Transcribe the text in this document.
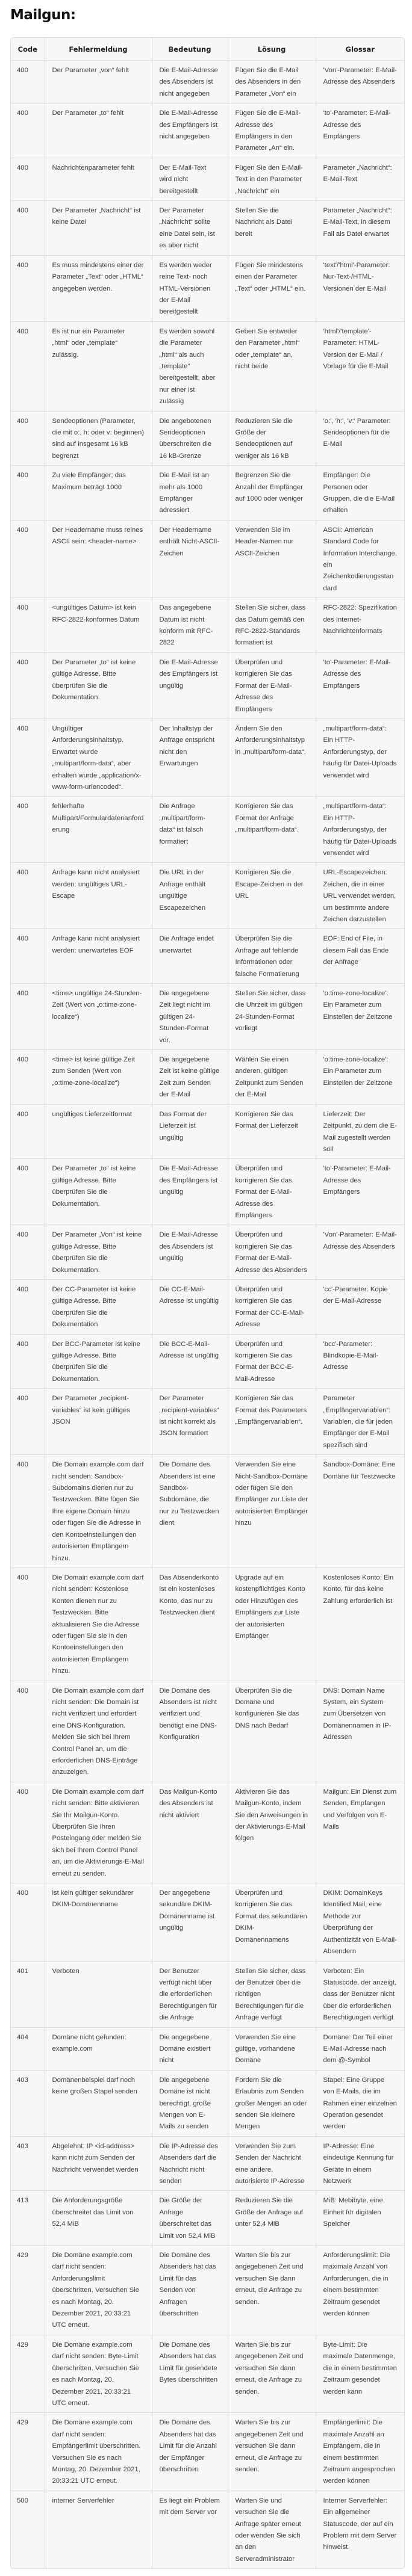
Mailgun:
Code	Fehlermeldung	Bedeutung	Lösung	Glossar
400	Der Parameter „von“ fehlt	Die E-Mail-Adresse des Absenders ist nicht angegeben	Fügen Sie die E-Mail des Absenders in den Parameter „Von“ ein	'Von'-Parameter: E-Mail-Adresse des Absenders
400	Der Parameter „to“ fehlt	Die E-Mail-Adresse des Empfängers ist nicht angegeben	Fügen Sie die E-Mail-Adresse des Empfängers in den Parameter „An“ ein.	'to'-Parameter: E-Mail-Adresse des Empfängers
400	Nachrichtenparameter fehlt	Der E-Mail-Text wird nicht bereitgestellt	Fügen Sie den E-Mail-Text in den Parameter „Nachricht“ ein	Parameter „Nachricht“: E-Mail-Text
400	Der Parameter „Nachricht“ ist keine Datei	Der Parameter „Nachricht“ sollte eine Datei sein, ist es aber nicht	Stellen Sie die Nachricht als Datei bereit	Parameter „Nachricht“: E-Mail-Text, in diesem Fall als Datei erwartet
400	Es muss mindestens einer der Parameter „Text“ oder „HTML“ angegeben werden.	Es werden weder reine Text- noch HTML-Versionen der E-Mail bereitgestellt	Fügen Sie mindestens einen der Parameter „Text“ oder „HTML“ ein.	'text'/'html'-Parameter: Nur-Text-/HTML-Versionen der E-Mail
400	Es ist nur ein Parameter „html“ oder „template“ zulässig.	Es werden sowohl die Parameter „html“ als auch „template“ bereitgestellt, aber nur einer ist zulässig	Geben Sie entweder den Parameter „html“ oder „template“ an, nicht beide	'html'/'template'-Parameter: HTML-Version der E-Mail / Vorlage für die E-Mail
400	Sendeoptionen (Parameter, die mit o:, h: oder v: beginnen) sind auf insgesamt 16 kB begrenzt	Die angebotenen Sendeoptionen überschreiten die 16 kB-Grenze	Reduzieren Sie die Größe der Sendeoptionen auf weniger als 16 kB	'o:', 'h:', 'v:' Parameter: Sendeoptionen für die E-Mail
400	Zu viele Empfänger; das Maximum beträgt 1000	Die E-Mail ist an mehr als 1000 Empfänger adressiert	Begrenzen Sie die Anzahl der Empfänger auf 1000 oder weniger	Empfänger: Die Personen oder Gruppen, die die E-Mail erhalten
400	Der Headername muss reines ASCII sein: <header-name>	Der Headername enthält Nicht-ASCII-Zeichen	Verwenden Sie im Header-Namen nur ASCII-Zeichen	ASCII: American Standard Code for Information Interchange, ein Zeichenkodierungsstandard
400	<ungültiges Datum> ist kein RFC-2822-konformes Datum	Das angegebene Datum ist nicht konform mit RFC-2822	Stellen Sie sicher, dass das Datum gemäß den RFC-2822-Standards formatiert ist	RFC-2822: Spezifikation des Internet-Nachrichtenformats
400	Der Parameter „to“ ist keine gültige Adresse. Bitte überprüfen Sie die Dokumentation.	Die E-Mail-Adresse des Empfängers ist ungültig	Überprüfen und korrigieren Sie das Format der E-Mail-Adresse des Empfängers	'to'-Parameter: E-Mail-Adresse des Empfängers
400	Ungültiger Anforderungsinhaltstyp. Erwartet wurde „multipart/form-data“, aber erhalten wurde „application/x-www-form-urlencoded“.	Der Inhaltstyp der Anfrage entspricht nicht den Erwartungen	Ändern Sie den Anforderungsinhaltstyp in „multipart/form-data“.	„multipart/form-data“: Ein HTTP-Anforderungstyp, der häufig für Datei-Uploads verwendet wird
400	fehlerhafte Multipart/Formulardatenanforderung	Die Anfrage „multipart/form-data“ ist falsch formatiert	Korrigieren Sie das Format der Anfrage „multipart/form-data“.	„multipart/form-data“: Ein HTTP-Anforderungstyp, der häufig für Datei-Uploads verwendet wird
400	Anfrage kann nicht analysiert werden: ungültiges URL-Escape	Die URL in der Anfrage enthält ungültige Escapezeichen	Korrigieren Sie die Escape-Zeichen in der URL	URL-Escapezeichen: Zeichen, die in einer URL verwendet werden, um bestimmte andere Zeichen darzustellen
400	Anfrage kann nicht analysiert werden: unerwartetes EOF	Die Anfrage endet unerwartet	Überprüfen Sie die Anfrage auf fehlende Informationen oder falsche Formatierung	EOF: End of File, in diesem Fall das Ende der Anfrage
400	<time> ungültige 24-Stunden-Zeit (Wert von „o:time-zone-localize“)	Die angegebene Zeit liegt nicht im gültigen 24-Stunden-Format vor.	Stellen Sie sicher, dass die Uhrzeit im gültigen 24-Stunden-Format vorliegt	'o:time-zone-localize': Ein Parameter zum Einstellen der Zeitzone
400	<time> ist keine gültige Zeit zum Senden (Wert von „o:time-zone-localize“)	Die angegebene Zeit ist keine gültige Zeit zum Senden der E-Mail	Wählen Sie einen anderen, gültigen Zeitpunkt zum Senden der E-Mail	'o:time-zone-localize': Ein Parameter zum Einstellen der Zeitzone
400	ungültiges Lieferzeitformat	Das Format der Lieferzeit ist ungültig	Korrigieren Sie das Format der Lieferzeit	Lieferzeit: Der Zeitpunkt, zu dem die E-Mail zugestellt werden soll
400	Der Parameter „to“ ist keine gültige Adresse. Bitte überprüfen Sie die Dokumentation.	Die E-Mail-Adresse des Empfängers ist ungültig	Überprüfen und korrigieren Sie das Format der E-Mail-Adresse des Empfängers	'to'-Parameter: E-Mail-Adresse des Empfängers
400	Der Parameter „Von“ ist keine gültige Adresse. Bitte überprüfen Sie die Dokumentation.	Die E-Mail-Adresse des Absenders ist ungültig	Überprüfen und korrigieren Sie das Format der E-Mail-Adresse des Absenders	'Von'-Parameter: E-Mail-Adresse des Absenders
400	Der CC-Parameter ist keine gültige Adresse. Bitte überprüfen Sie die Dokumentation	Die CC-E-Mail-Adresse ist ungültig	Überprüfen und korrigieren Sie das Format der CC-E-Mail-Adresse	'cc'-Parameter: Kopie der E-Mail-Adresse
400	Der BCC-Parameter ist keine gültige Adresse. Bitte überprüfen Sie die Dokumentation.	Die BCC-E-Mail-Adresse ist ungültig	Überprüfen und korrigieren Sie das Format der BCC-E-Mail-Adresse	'bcc'-Parameter: Blindkopie-E-Mail-Adresse
400	Der Parameter „recipient-variables“ ist kein gültiges JSON	Der Parameter „recipient-variables“ ist nicht korrekt als JSON formatiert	Korrigieren Sie das Format des Parameters „Empfängervariablen“.	Parameter „Empfängervariablen“: Variablen, die für jeden Empfänger der E-Mail spezifisch sind
400	Die Domain example.com darf nicht senden: Sandbox-Subdomains dienen nur zu Testzwecken. Bitte fügen Sie Ihre eigene Domain hinzu oder fügen Sie die Adresse in den Kontoeinstellungen den autorisierten Empfängern hinzu.	Die Domäne des Absenders ist eine Sandbox-Subdomäne, die nur zu Testzwecken dient	Verwenden Sie eine Nicht-Sandbox-Domäne oder fügen Sie den Empfänger zur Liste der autorisierten Empfänger hinzu	Sandbox-Domäne: Eine Domäne für Testzwecke
400	Die Domain example.com darf nicht senden: Kostenlose Konten dienen nur zu Testzwecken. Bitte aktualisieren Sie die Adresse oder fügen Sie sie in den Kontoeinstellungen den autorisierten Empfängern hinzu.	Das Absenderkonto ist ein kostenloses Konto, das nur zu Testzwecken dient	Upgrade auf ein kostenpflichtiges Konto oder Hinzufügen des Empfängers zur Liste der autorisierten Empfänger	Kostenloses Konto: Ein Konto, für das keine Zahlung erforderlich ist
400	Die Domain example.com darf nicht senden: Die Domain ist nicht verifiziert und erfordert eine DNS-Konfiguration. Melden Sie sich bei Ihrem Control Panel an, um die erforderlichen DNS-Einträge anzuzeigen.	Die Domäne des Absenders ist nicht verifiziert und benötigt eine DNS-Konfiguration	Überprüfen Sie die Domäne und konfigurieren Sie das DNS nach Bedarf	DNS: Domain Name System, ein System zum Übersetzen von Domänennamen in IP-Adressen
400	Die Domain example.com darf nicht senden: Bitte aktivieren Sie Ihr Mailgun-Konto. Überprüfen Sie Ihren Posteingang oder melden Sie sich bei Ihrem Control Panel an, um die Aktivierungs-E-Mail erneut zu senden.	Das Mailgun-Konto des Absenders ist nicht aktiviert	Aktivieren Sie das Mailgun-Konto, indem Sie den Anweisungen in der Aktivierungs-E-Mail folgen	Mailgun: Ein Dienst zum Senden, Empfangen und Verfolgen von E-Mails
400	ist kein gültiger sekundärer DKIM-Domänenname	Der angegebene sekundäre DKIM-Domänenname ist ungültig	Überprüfen und korrigieren Sie das Format des sekundären DKIM-Domänennamens	DKIM: DomainKeys Identified Mail, eine Methode zur Überprüfung der Authentizität von E-Mail-Absendern
401	Verboten	Der Benutzer verfügt nicht über die erforderlichen Berechtigungen für die Anfrage	Stellen Sie sicher, dass der Benutzer über die richtigen Berechtigungen für die Anfrage verfügt	Verboten: Ein Statuscode, der anzeigt, dass der Benutzer nicht über die erforderlichen Berechtigungen verfügt
404	Domäne nicht gefunden: example.com	Die angegebene Domäne existiert nicht	Verwenden Sie eine gültige, vorhandene Domäne	Domäne: Der Teil einer E-Mail-Adresse nach dem @-Symbol
403	Domänenbeispiel darf noch keine großen Stapel senden	Die angegebene Domäne ist nicht berechtigt, große Mengen von E-Mails zu senden	Fordern Sie die Erlaubnis zum Senden großer Mengen an oder senden Sie kleinere Mengen	Stapel: Eine Gruppe von E-Mails, die im Rahmen einer einzelnen Operation gesendet werden
403	Abgelehnt: IP <id-address> kann nicht zum Senden der Nachricht verwendet werden	Die IP-Adresse des Absenders darf die Nachricht nicht senden	Verwenden Sie zum Senden der Nachricht eine andere, autorisierte IP-Adresse	IP-Adresse: Eine eindeutige Kennung für Geräte in einem Netzwerk
413	Die Anforderungsgröße überschreitet das Limit von 52,4 MiB	Die Größe der Anfrage überschreitet das Limit von 52,4 MiB	Reduzieren Sie die Größe der Anfrage auf unter 52,4 MiB	MiB: Mebibyte, eine Einheit für digitalen Speicher
429	Die Domäne example.com darf nicht senden: Anforderungslimit überschritten. Versuchen Sie es nach Montag, 20. Dezember 2021, 20:33:21 UTC erneut.	Die Domäne des Absenders hat das Limit für das Senden von Anfragen überschritten	Warten Sie bis zur angegebenen Zeit und versuchen Sie dann erneut, die Anfrage zu senden.	Anforderungslimit: Die maximale Anzahl von Anforderungen, die in einem bestimmten Zeitraum gesendet werden können
429	Die Domäne example.com darf nicht senden: Byte-Limit überschritten. Versuchen Sie es nach Montag, 20. Dezember 2021, 20:33:21 UTC erneut.	Die Domäne des Absenders hat das Limit für gesendete Bytes überschritten	Warten Sie bis zur angegebenen Zeit und versuchen Sie dann erneut, die Anfrage zu senden.	Byte-Limit: Die maximale Datenmenge, die in einem bestimmten Zeitraum gesendet werden kann
429	Die Domäne example.com darf nicht senden: Empfängerlimit überschritten. Versuchen Sie es nach Montag, 20. Dezember 2021, 20:33:21 UTC erneut.	Die Domäne des Absenders hat das Limit für die Anzahl der Empfänger überschritten	Warten Sie bis zur angegebenen Zeit und versuchen Sie dann erneut, die Anfrage zu senden.	Empfängerlimit: Die maximale Anzahl an Empfängern, die in einem bestimmten Zeitraum angesprochen werden können
500	interner Serverfehler	Es liegt ein Problem mit dem Server vor	Warten Sie und versuchen Sie die Anfrage später erneut oder wenden Sie sich an den Serveradministrator	Interner Serverfehler: Ein allgemeiner Statuscode, der auf ein Problem mit dem Server hinweist
